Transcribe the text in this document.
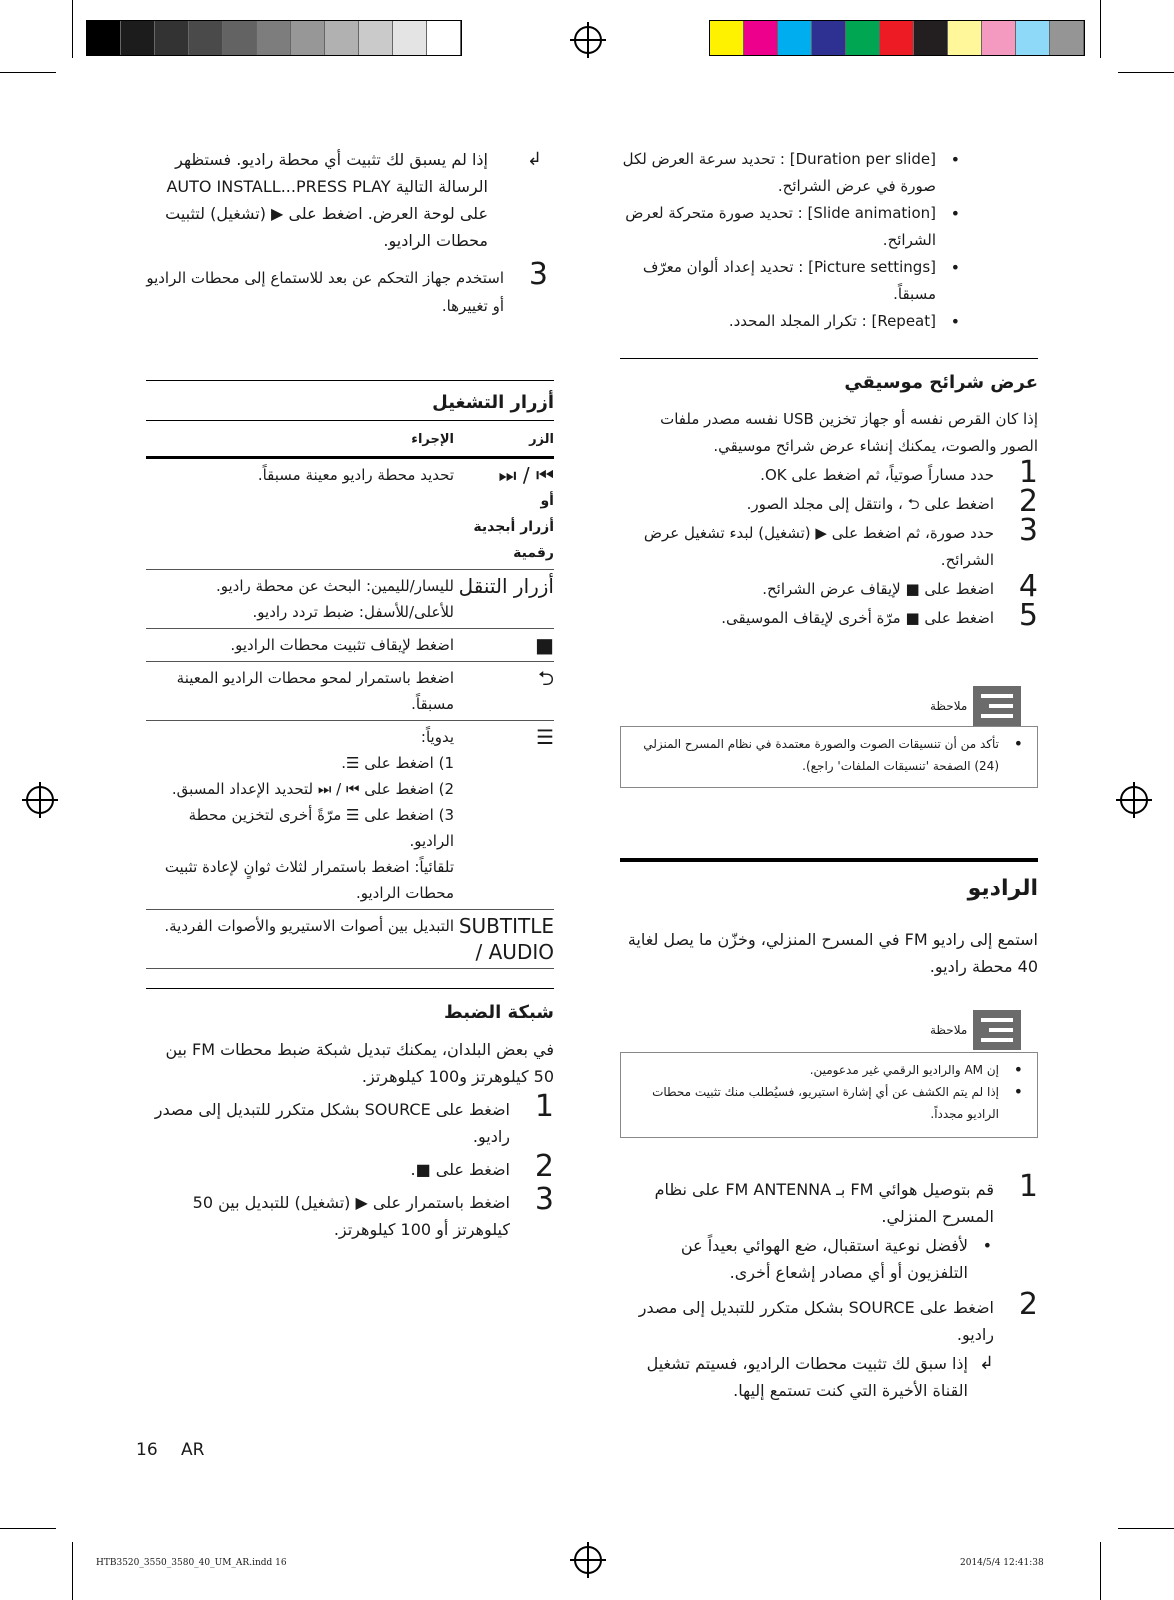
• [Duration per slide] : تحديد سرعة العرض لكل صورة في عرض الشرائح.
• [Slide animation] : تحديد صورة متحركة لعرض الشرائح.
• [Picture settings] : تحديد إعداد ألوان معرّف مسبقاً.
• [Repeat] : تكرار المجلد المحدد.
عرض شرائح موسيقي
إذا كان القرص نفسه أو جهاز تخزين USB نفسه مصدر ملفات الصور والصوت، يمكنك إنشاء عرض شرائح موسيقي.
1
حدد مساراً صوتياً، ثم اضغط على OK.
2
اضغط على ⮌ ، وانتقل إلى مجلد الصور.
3
حدد صورة، ثم اضغط على ▶ (تشغيل) لبدء تشغيل عرض الشرائح.
4
اضغط على ■ لإيقاف عرض الشرائح.
5
اضغط على ■ مرّة أخرى لإيقاف الموسيقى.
ملاحظة
• تأكد من أن تنسيقات الصوت والصورة معتمدة في نظام المسرح المنزلي (24) الصفحة 'تنسيقات الملفات' راجع).
الراديو
استمع إلى راديو FM في المسرح المنزلي، وخزّن ما يصل لغاية 40 محطة راديو.
ملاحظة
• إن AM والراديو الرقمي غير مدعومين.
• إذا لم يتم الكشف عن أي إشارة استيريو، فسيُطلب منك تثبيت محطات الراديو مجدداً.
1
قم بتوصيل هوائي FM بـ FM ANTENNA على نظام المسرح المنزلي.
• لأفضل نوعية استقبال، ضع الهوائي بعيداً عن التلفزيون أو أي مصادر إشعاع أخرى.
2
اضغط على SOURCE بشكل متكرر للتبديل إلى مصدر راديو.
↲
إذا سبق لك تثبيت محطات الراديو، فسيتم تشغيل القناة الأخيرة التي كنت تستمع إليها.
↲
إذا لم يسبق لك تثبيت أي محطة راديو. فستظهر الرسالة التالية AUTO INSTALL...PRESS PLAY على لوحة العرض. اضغط على ▶ (تشغيل) لتثبيت محطات الراديو.
3
استخدم جهاز التحكم عن بعد للاستماع إلى محطات الراديو أو تغييرها.
أزرار التشغيل
الزر	الإجراء

⏮ / ⏭
أو
أزرار أبجدية رقمية	تحديد محطة راديو معينة مسبقاً.

أزرار التنقل	لليسار/لليمين: البحث عن محطة راديو.
للأعلى/للأسفل: ضبط تردد راديو.

■	اضغط لإيقاف تثبيت محطات الراديو.

⮌	اضغط باستمرار لمحو محطات الراديو المعينة مسبقاً.

☰	يدوياً:
1) اضغط على ☰.
2) اضغط على ⏮ / ⏭ لتحديد الإعداد المسبق.
3) اضغط على ☰ مرّةً أخرى لتخزين محطة الراديو.
تلقائياً: اضغط باستمرار لثلاث ثوانٍ لإعادة تثبيت محطات الراديو.

SUBTITLE / AUDIO	التبديل بين أصوات الاستيريو والأصوات الفردية.
شبكة الضبط
في بعض البلدان، يمكنك تبديل شبكة ضبط محطات FM بين 50 كيلوهرتز و100 كيلوهرتز.
1
اضغط على SOURCE بشكل متكرر للتبديل إلى مصدر راديو.
2
اضغط على ■.
3
اضغط باستمرار على ▶ (تشغيل) للتبديل بين 50 كيلوهرتز أو 100 كيلوهرتز.
16 AR
HTB3520_3550_3580_40_UM_AR.indd 16	2014/5/4 12:41:38
